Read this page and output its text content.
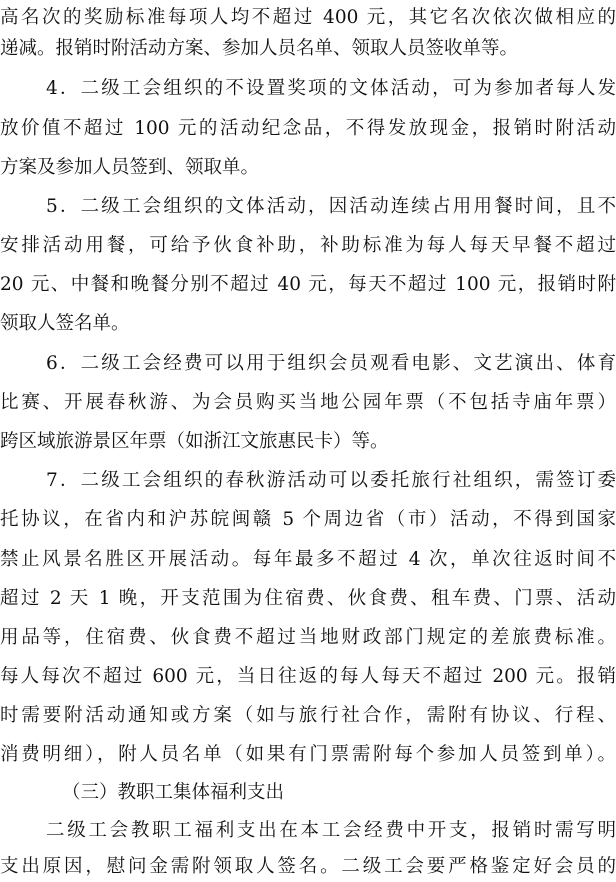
高名次的奖励标准每项人均不超过 400 元，其它名次依次做相应的
递减。报销时附活动方案、参加人员名单、领取人员签收单等。
4．二级工会组织的不设置奖项的文体活动，可为参加者每人发
放价值不超过 100 元的活动纪念品，不得发放现金，报销时附活动
方案及参加人员签到、领取单。
5．二级工会组织的文体活动，因活动连续占用用餐时间，且不
安排活动用餐，可给予伙食补助，补助标准为每人每天早餐不超过
20 元、中餐和晚餐分别不超过 40 元，每天不超过 100 元，报销时附
领取人签名单。
6．二级工会经费可以用于组织会员观看电影、文艺演出、体育
比赛、开展春秋游、为会员购买当地公园年票（不包括寺庙年票）
跨区域旅游景区年票（如浙江文旅惠民卡）等。
7．二级工会组织的春秋游活动可以委托旅行社组织，需签订委
托协议，在省内和沪苏皖闽赣 5 个周边省（市）活动，不得到国家
禁止风景名胜区开展活动。每年最多不超过 4 次，单次往返时间不
超过 2 天 1 晚，开支范围为住宿费、伙食费、租车费、门票、活动
用品等，住宿费、伙食费不超过当地财政部门规定的差旅费标准。
每人每次不超过 600 元，当日往返的每人每天不超过 200 元。报销
时需要附活动通知或方案（如与旅行社合作，需附有协议、行程、
消费明细），附人员名单（如果有门票需附每个参加人员签到单）。
（三）教职工集体福利支出
二级工会教职工福利支出在本工会经费中开支，报销时需写明
支出原因，慰问金需附领取人签名。二级工会要严格鉴定好会员的
